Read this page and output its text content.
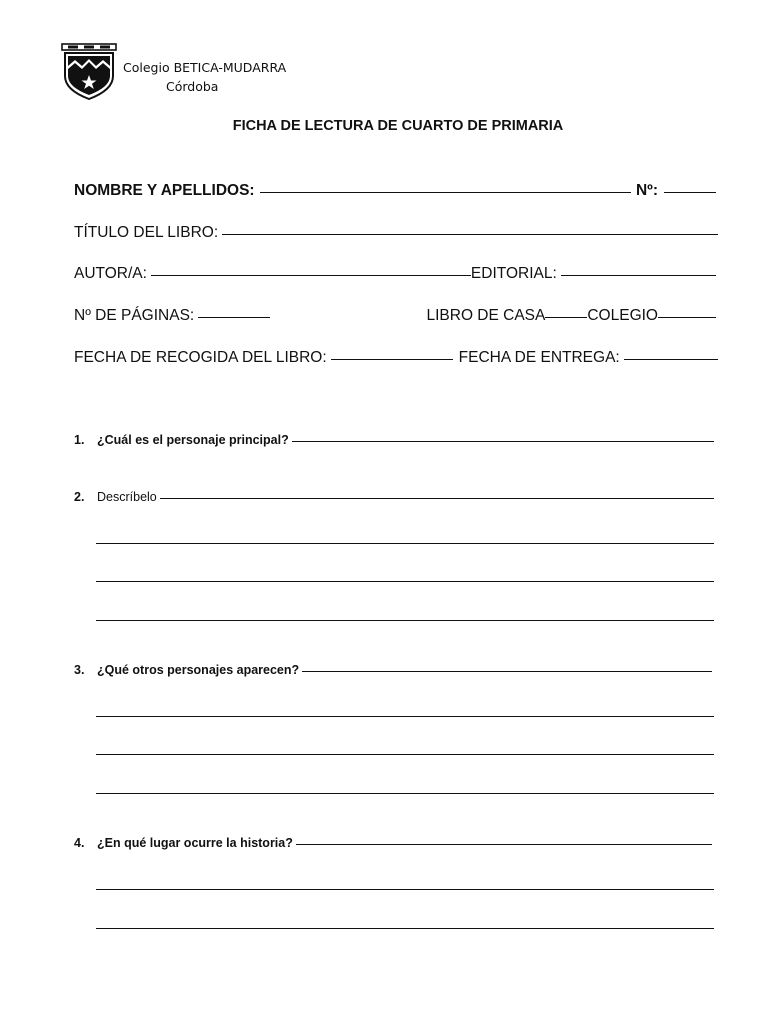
Colegio BETICA-MUDARRA
Córdoba
FICHA DE LECTURA DE CUARTO DE PRIMARIA
NOMBRE Y APELLIDOS:	Nº:
TÍTULO DEL LIBRO:
AUTOR/A:	EDITORIAL:
Nº DE PÁGINAS:	LIBRO DE CASA	COLEGIO
FECHA DE RECOGIDA DEL LIBRO:	FECHA DE ENTREGA:
1.	¿Cuál es el personaje principal?
2.	Descríbelo
3.	¿Qué otros personajes aparecen?
4.	¿En qué lugar ocurre la historia?
